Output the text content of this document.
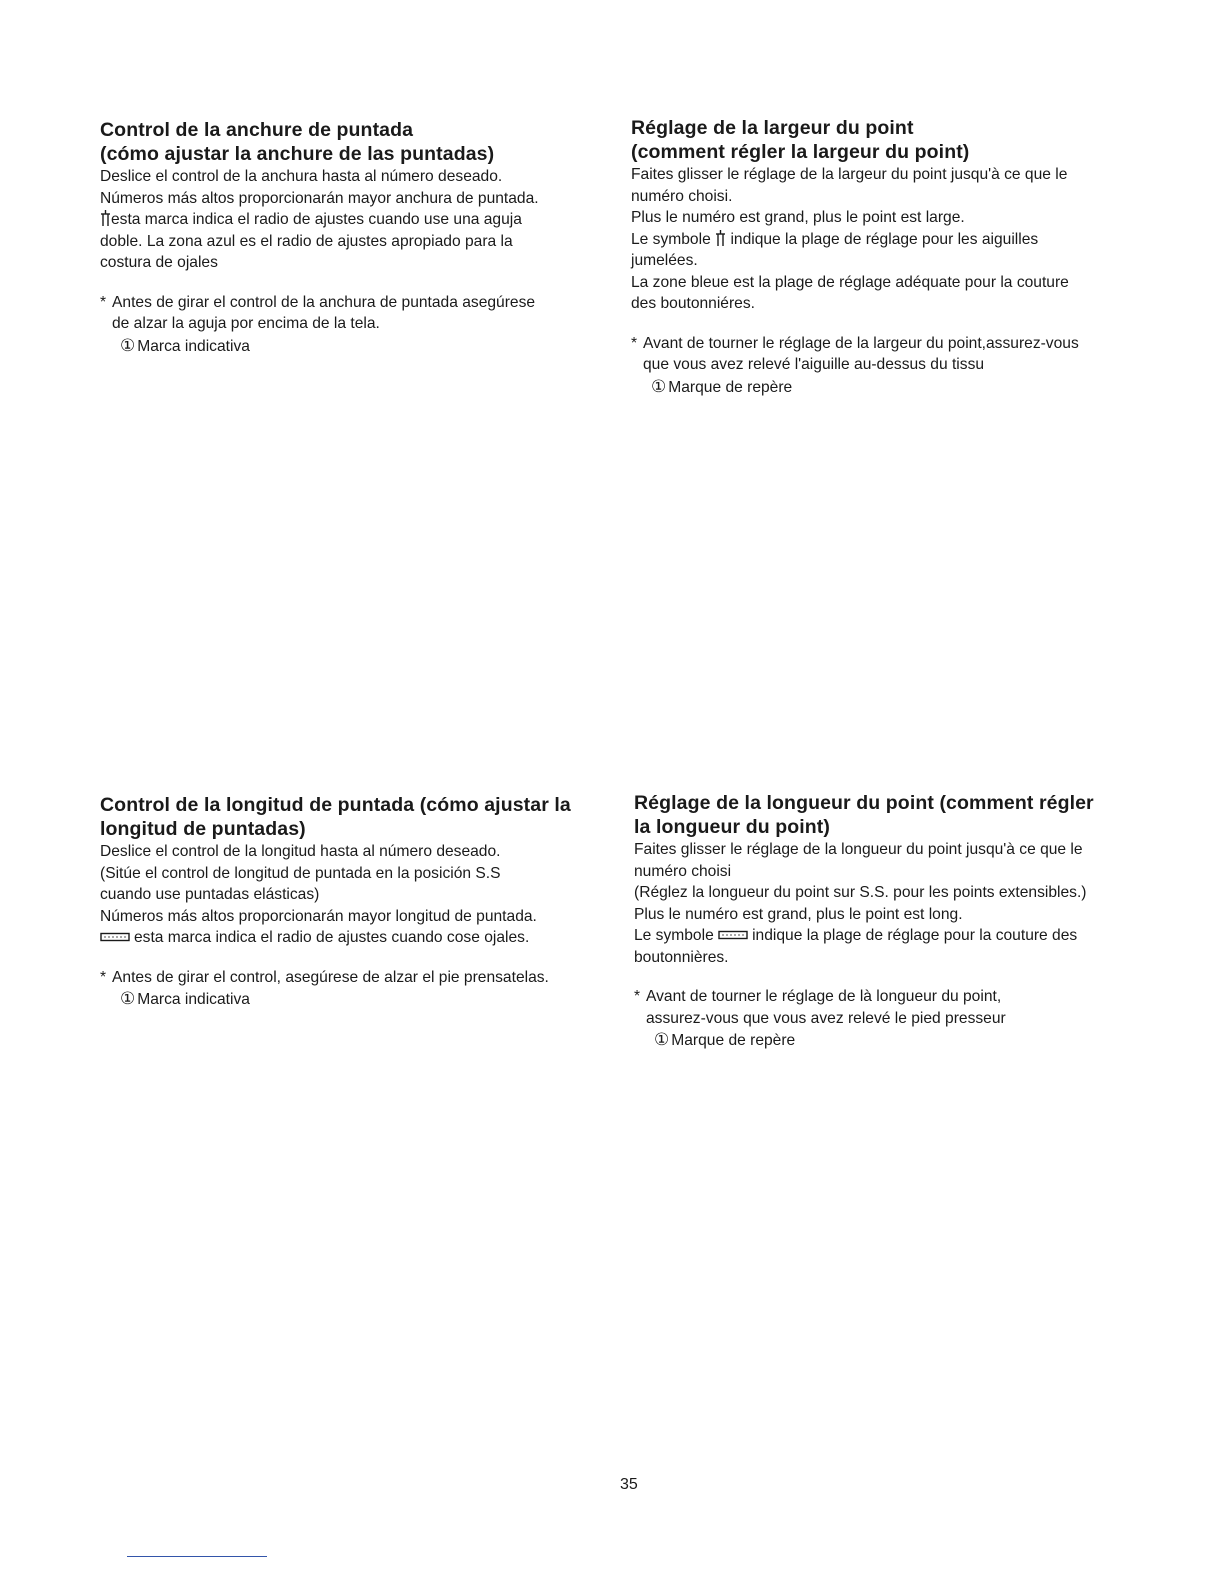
Control de la anchure de puntada
(cómo ajustar la anchure de las puntadas)

Deslice el control de la anchura hasta al número deseado.

Números más altos proporcionarán mayor anchura de puntada.

esta marca indica el radio de ajustes cuando use una aguja

doble. La zona azul es el radio de ajustes apropiado para la

costura de ojales

* Antes de girar el control de la anchura de puntada asegúrese
de alzar la aguja por encima de la tela.
① Marca indicativa

Réglage de la largeur du point
(comment régler la largeur du point)

Faites glisser le réglage de la largeur du point jusqu'à ce que le

numéro choisi.

Plus le numéro est grand, plus le point est large.

Le symbole indique la plage de réglage pour les aiguilles

jumelées.

La zone bleue est la plage de réglage adéquate pour la couture

des boutonniéres.

* Avant de tourner le réglage de la largeur du point,assurez-vous
que vous avez relevé l'aiguille au-dessus du tissu
① Marque de repère

Control de la longitud de puntada (cómo ajustar la
longitud de puntadas)

Deslice el control de la longitud hasta al número deseado.

(Sitúe el control de longitud de puntada en la posición S.S

cuando use puntadas elásticas)

Números más altos proporcionarán mayor longitud de puntada.

esta marca indica el radio de ajustes cuando cose ojales.

* Antes de girar el control, asegúrese de alzar el pie prensatelas.
① Marca indicativa

Réglage de la longueur du point (comment régler
la longueur du point)

Faites glisser le réglage de la longueur du point jusqu'à ce que le

numéro choisi

(Réglez la longueur du point sur S.S. pour les points extensibles.)

Plus le numéro est grand, plus le point est long.

Le symbole indique la plage de réglage pour la couture des

boutonnières.

* Avant de tourner le réglage de là longueur du point,
assurez-vous que vous avez relevé le pied presseur
① Marque de repère

35
